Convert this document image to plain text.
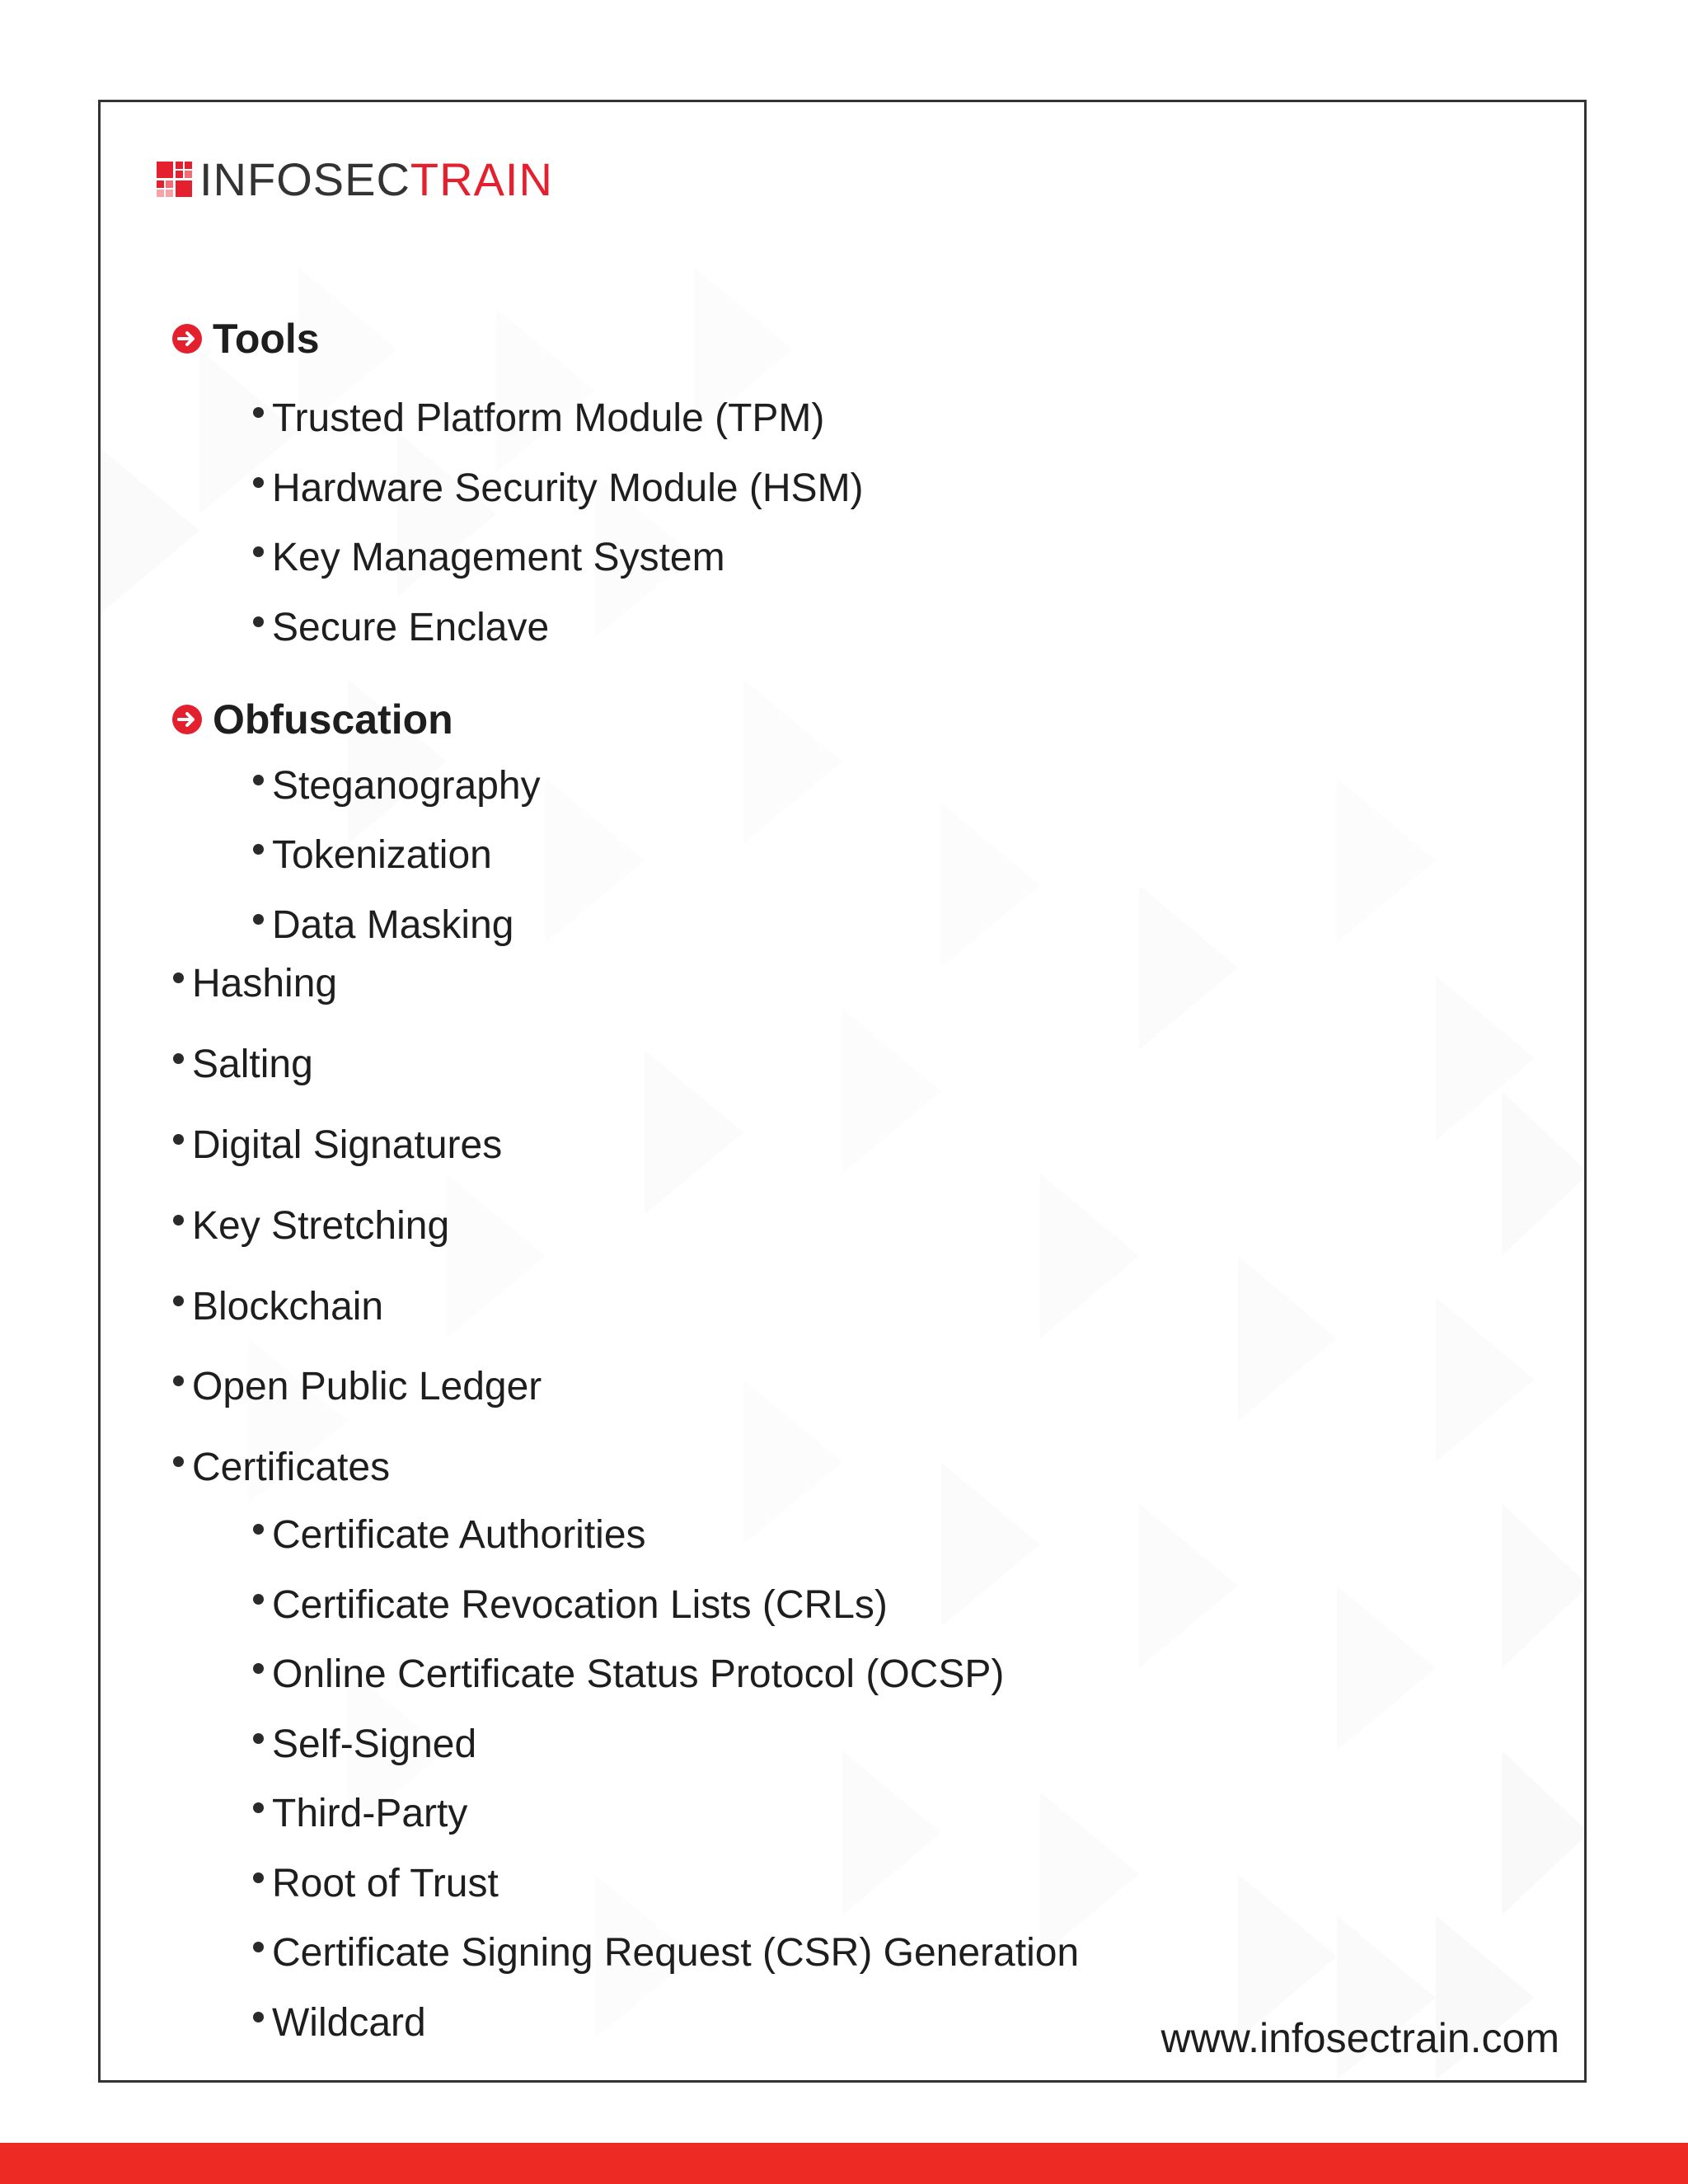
INFOSECTRAIN
Tools
Trusted Platform Module (TPM)
Hardware Security Module (HSM)
Key Management System
Secure Enclave
Obfuscation
Steganography
Tokenization
Data Masking
Hashing
Salting
Digital Signatures
Key Stretching
Blockchain
Open Public Ledger
Certificates
Certificate Authorities
Certificate Revocation Lists (CRLs)
Online Certificate Status Protocol (OCSP)
Self-Signed
Third-Party
Root of Trust
Certificate Signing Request (CSR) Generation
Wildcard	www.infosectrain.com
